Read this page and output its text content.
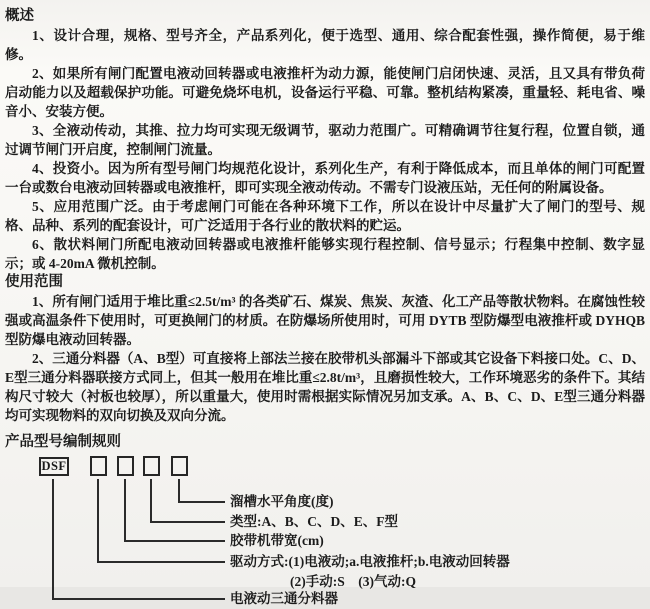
概述

1、设计合理，规格、型号齐全，产品系列化，便于选型、通用、综合配套性强，操作简便，易于维修。

2、如果所有闸门配置电液动回转器或电液推杆为动力源，能使闸门启闭快速、灵活，且又具有带负荷启动能力以及超载保护功能。可避免烧坏电机，设备运行平稳、可靠。整机结构紧凑，重量轻、耗电省、噪音小、安装方便。

3、全液动传动，其推、拉力均可实现无级调节，驱动力范围广。可精确调节往复行程，位置自锁，通过调节闸门开启度，控制闸门流量。

4、投资小。因为所有型号闸门均规范化设计，系列化生产，有利于降低成本，而且单体的闸门可配置一台或数台电液动回转器或电液推杆，即可实现全液动传动。不需专门设液压站，无任何的附属设备。

5、应用范围广泛。由于考虑闸门可能在各种环境下工作，所以在设计中尽量扩大了闸门的型号、规格、品种、系列的配套设计，可广泛适用于各行业的散状料的贮运。

6、散状料闸门所配电液动回转器或电液推杆能够实现行程控制、信号显示；行程集中控制、数字显示；或 4-20mA 微机控制。

使用范围

1、所有闸门适用于堆比重≤2.5t/m³ 的各类矿石、煤炭、焦炭、灰渣、化工产品等散状物料。在腐蚀性较强或高温条件下使用时，可更换闸门的材质。在防爆场所使用时，可用 DYTB 型防爆型电液推杆或 DYHQB 型防爆电液动回转器。

2、三通分料器（A、B型）可直接将上部法兰接在胶带机头部漏斗下部或其它设备下料接口处。C、D、E型三通分料器联接方式同上，但其一般用在堆比重≤2.8t/m³，且磨损性较大，工作环境恶劣的条件下。其结构尺寸较大（衬板也较厚），所以重量大，使用时需根据实际情况另加支承。A、B、C、D、E型三通分料器均可实现物料的双向切换及双向分流。

产品型号编制规则
DSF
溜槽水平角度(度)
类型:A、B、C、D、E、F型
胶带机带宽(cm)
驱动方式:(1)电液动;a.电液推杆;b.电液动回转器
(2)手动:S　(3)气动:Q
电液动三通分料器
